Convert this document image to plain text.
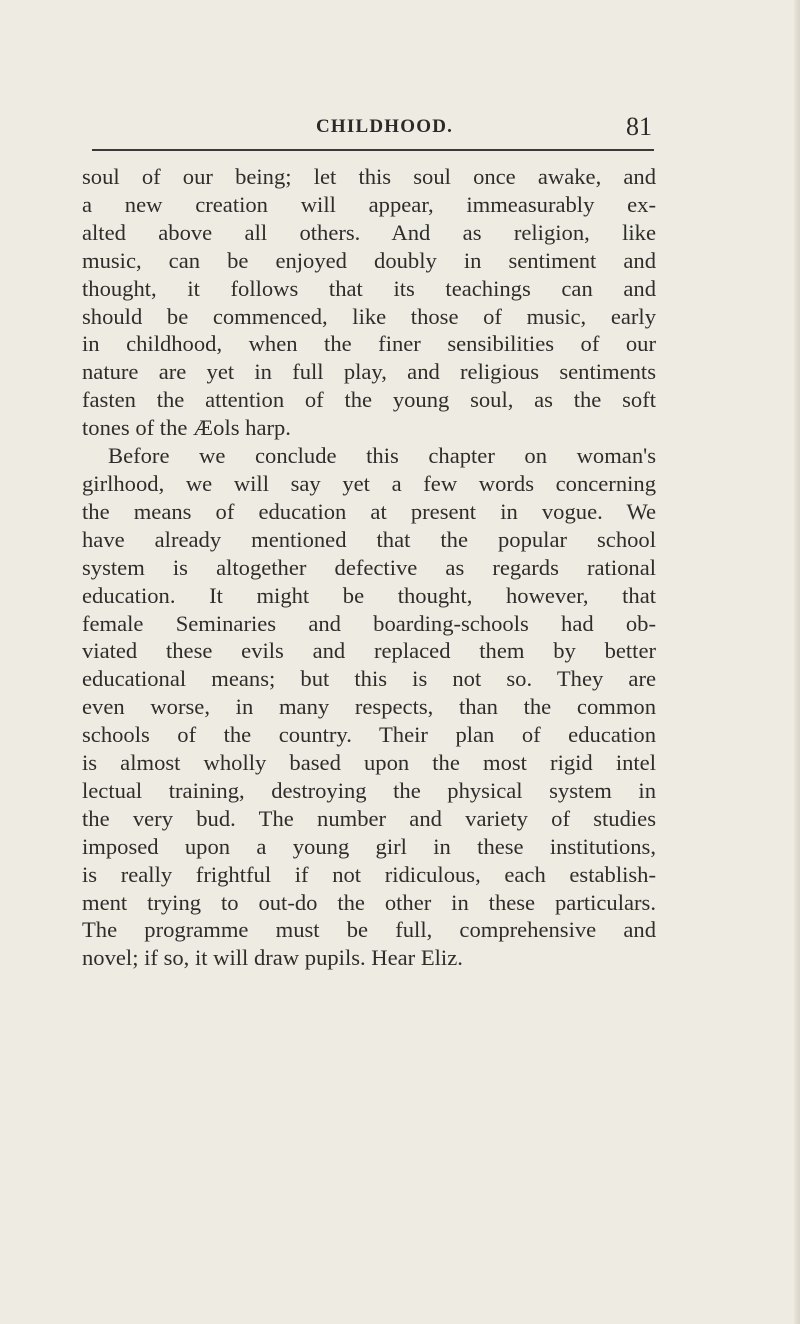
CHILDHOOD.	81
soul of our being; let this soul once awake, and
a new creation will appear, immeasurably ex-
alted above all others. And as religion, like
music, can be enjoyed doubly in sentiment and
thought, it follows that its teachings can and
should be commenced, like those of music, early
in childhood, when the finer sensibilities of our
nature are yet in full play, and religious sentiments
fasten the attention of the young soul, as the soft
tones of the Æols harp.
Before we conclude this chapter on woman's
girlhood, we will say yet a few words concerning
the means of education at present in vogue. We
have already mentioned that the popular school
system is altogether defective as regards rational
education. It might be thought, however, that
female Seminaries and boarding-schools had ob-
viated these evils and replaced them by better
educational means; but this is not so. They are
even worse, in many respects, than the common
schools of the country. Their plan of education
is almost wholly based upon the most rigid intel
lectual training, destroying the physical system in
the very bud. The number and variety of studies
imposed upon a young girl in these institutions,
is really frightful if not ridiculous, each establish-
ment trying to out-do the other in these particulars.
The programme must be full, comprehensive and
novel; if so, it will draw pupils. Hear Eliz.
